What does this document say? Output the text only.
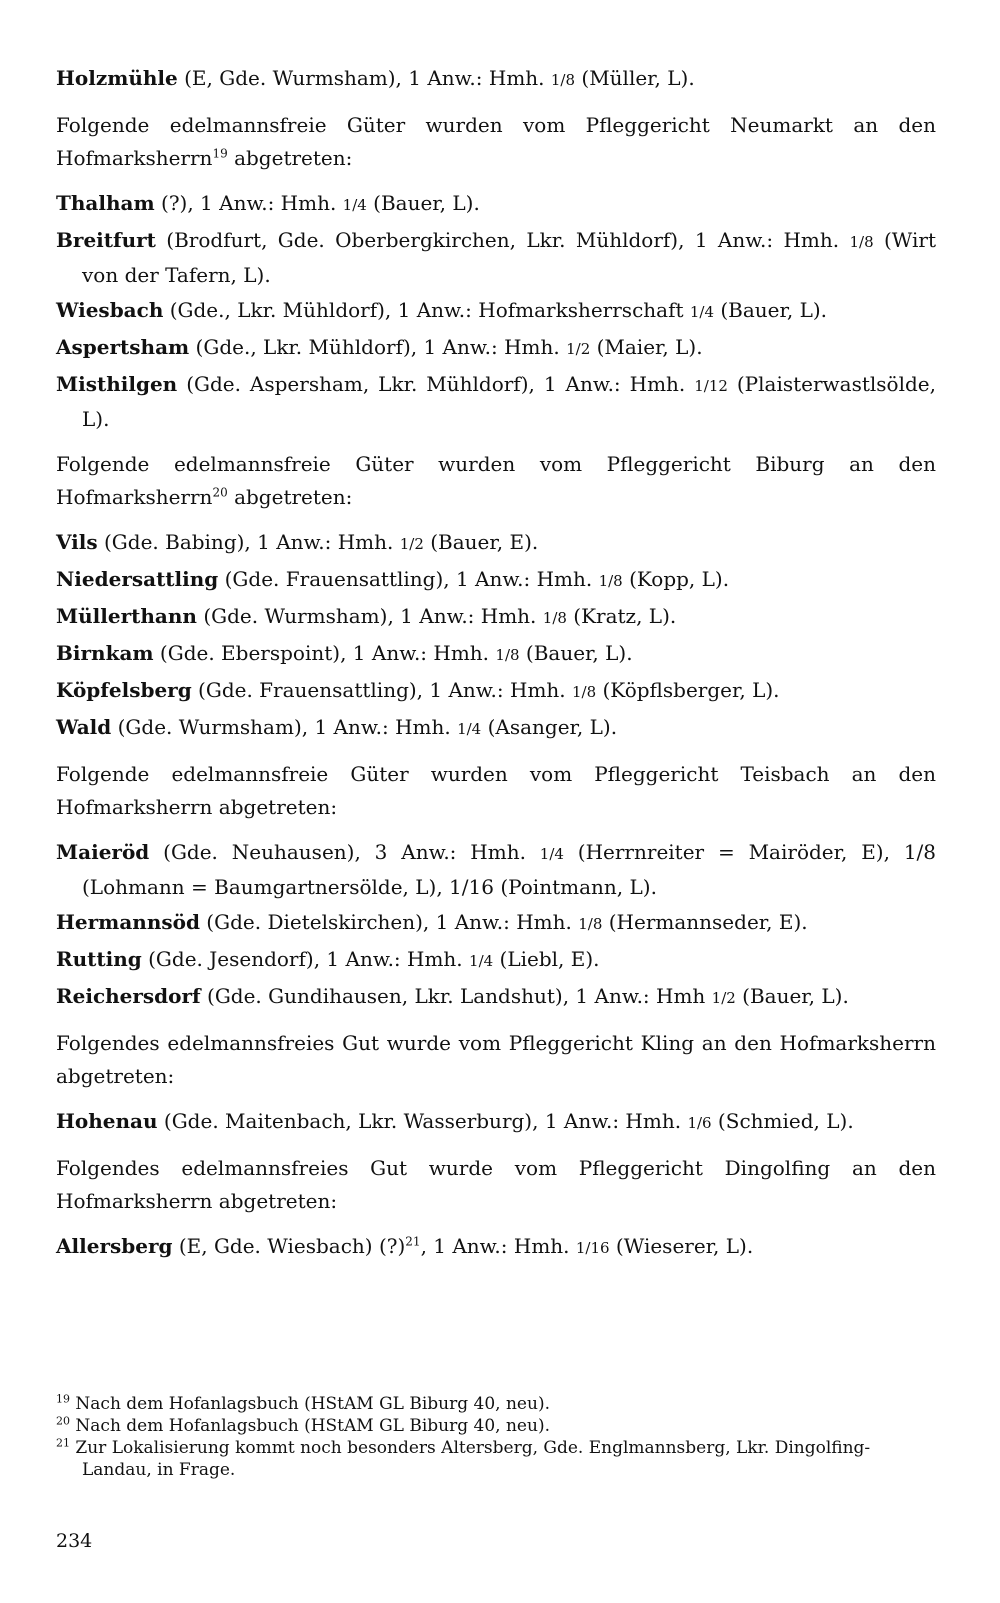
Holzmühle (E, Gde. Wurmsham), 1 Anw.: Hmh. 1/8 (Müller, L).

Folgende edelmannsfreie Güter wurden vom Pfleggericht Neumarkt an den Hofmarksherrn$^{19}$ abgetreten:

Thalham (?), 1 Anw.: Hmh. 1/4 (Bauer, L).

Breitfurt (Brodfurt, Gde. Oberbergkirchen, Lkr. Mühldorf), 1 Anw.: Hmh. 1/8 (Wirt von der Tafern, L).

Wiesbach (Gde., Lkr. Mühldorf), 1 Anw.: Hofmarksherrschaft 1/4 (Bauer, L).

Aspertsham (Gde., Lkr. Mühldorf), 1 Anw.: Hmh. 1/2 (Maier, L).

Misthilgen (Gde. Aspersham, Lkr. Mühldorf), 1 Anw.: Hmh. 1/12 (Plaisterwastlsölde, L).

Folgende edelmannsfreie Güter wurden vom Pfleggericht Biburg an den Hofmarksherrn$^{20}$ abgetreten:

Vils (Gde. Babing), 1 Anw.: Hmh. 1/2 (Bauer, E).

Niedersattling (Gde. Frauensattling), 1 Anw.: Hmh. 1/8 (Kopp, L).

Müllerthann (Gde. Wurmsham), 1 Anw.: Hmh. 1/8 (Kratz, L).

Birnkam (Gde. Eberspoint), 1 Anw.: Hmh. 1/8 (Bauer, L).

Köpfelsberg (Gde. Frauensattling), 1 Anw.: Hmh. 1/8 (Köpflsberger, L).

Wald (Gde. Wurmsham), 1 Anw.: Hmh. 1/4 (Asanger, L).

Folgende edelmannsfreie Güter wurden vom Pfleggericht Teisbach an den Hofmarksherrn abgetreten:

Maieröd (Gde. Neuhausen), 3 Anw.: Hmh. 1/4 (Herrnreiter = Mairöder, E), 1/8 (Lohmann = Baumgartnersölde, L), 1/16 (Pointmann, L).

Hermannsöd (Gde. Dietelskirchen), 1 Anw.: Hmh. 1/8 (Hermannseder, E).

Rutting (Gde. Jesendorf), 1 Anw.: Hmh. 1/4 (Liebl, E).

Reichersdorf (Gde. Gundihausen, Lkr. Landshut), 1 Anw.: Hmh 1/2 (Bauer, L).

Folgendes edelmannsfreies Gut wurde vom Pfleggericht Kling an den Hofmarksherrn abgetreten:

Hohenau (Gde. Maitenbach, Lkr. Wasserburg), 1 Anw.: Hmh. 1/6 (Schmied, L).

Folgendes edelmannsfreies Gut wurde vom Pfleggericht Dingolfing an den Hofmarksherrn abgetreten:

Allersberg (E, Gde. Wiesbach) (?)$^{21}$, 1 Anw.: Hmh. 1/16 (Wieserer, L).

$^{19}$ Nach dem Hofanlagsbuch (HStAM GL Biburg 40, neu).

$^{20}$ Nach dem Hofanlagsbuch (HStAM GL Biburg 40, neu).

$^{21}$ Zur Lokalisierung kommt noch besonders Altersberg, Gde. Englmannsberg, Lkr. Dingolfing-Landau, in Frage.

234
